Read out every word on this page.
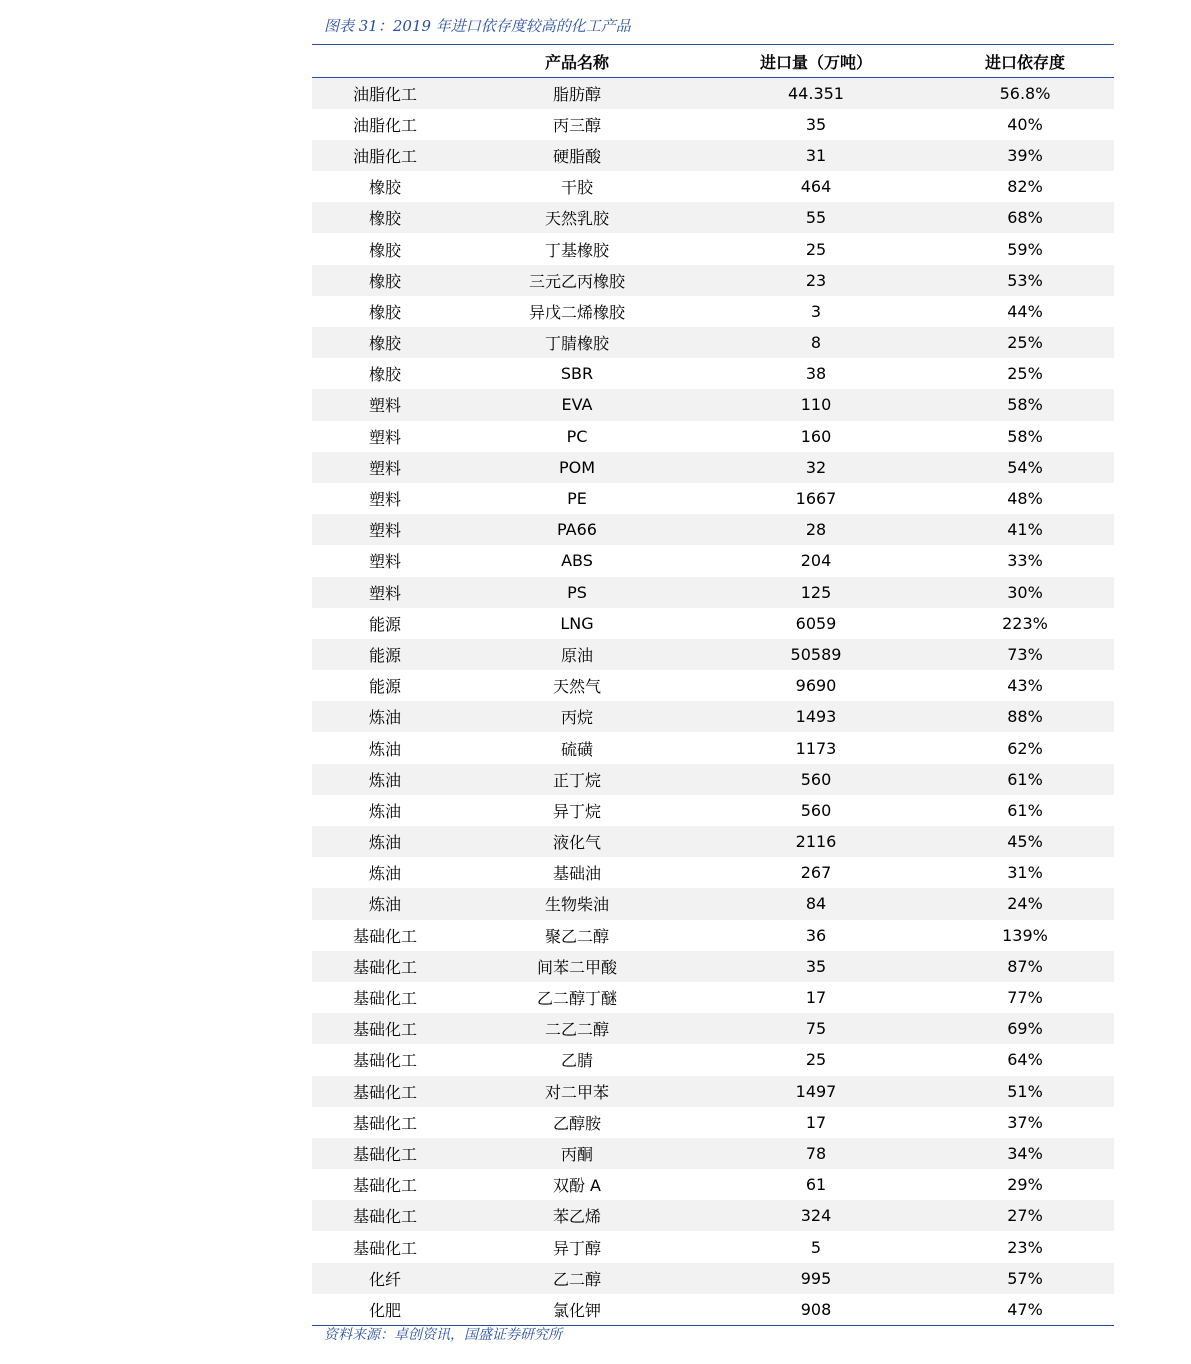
图表 31：2019 年进口依存度较高的化工产品
	产品名称	进口量（万吨）	进口依存度
油脂化工	脂肪醇	44.351	56.8%
油脂化工	丙三醇	35	40%
油脂化工	硬脂酸	31	39%
橡胶	干胶	464	82%
橡胶	天然乳胶	55	68%
橡胶	丁基橡胶	25	59%
橡胶	三元乙丙橡胶	23	53%
橡胶	异戊二烯橡胶	3	44%
橡胶	丁腈橡胶	8	25%
橡胶	SBR	38	25%
塑料	EVA	110	58%
塑料	PC	160	58%
塑料	POM	32	54%
塑料	PE	1667	48%
塑料	PA66	28	41%
塑料	ABS	204	33%
塑料	PS	125	30%
能源	LNG	6059	223%
能源	原油	50589	73%
能源	天然气	9690	43%
炼油	丙烷	1493	88%
炼油	硫磺	1173	62%
炼油	正丁烷	560	61%
炼油	异丁烷	560	61%
炼油	液化气	2116	45%
炼油	基础油	267	31%
炼油	生物柴油	84	24%
基础化工	聚乙二醇	36	139%
基础化工	间苯二甲酸	35	87%
基础化工	乙二醇丁醚	17	77%
基础化工	二乙二醇	75	69%
基础化工	乙腈	25	64%
基础化工	对二甲苯	1497	51%
基础化工	乙醇胺	17	37%
基础化工	丙酮	78	34%
基础化工	双酚 A	61	29%
基础化工	苯乙烯	324	27%
基础化工	异丁醇	5	23%
化纤	乙二醇	995	57%
化肥	氯化钾	908	47%
资料来源：卓创资讯，国盛证券研究所
